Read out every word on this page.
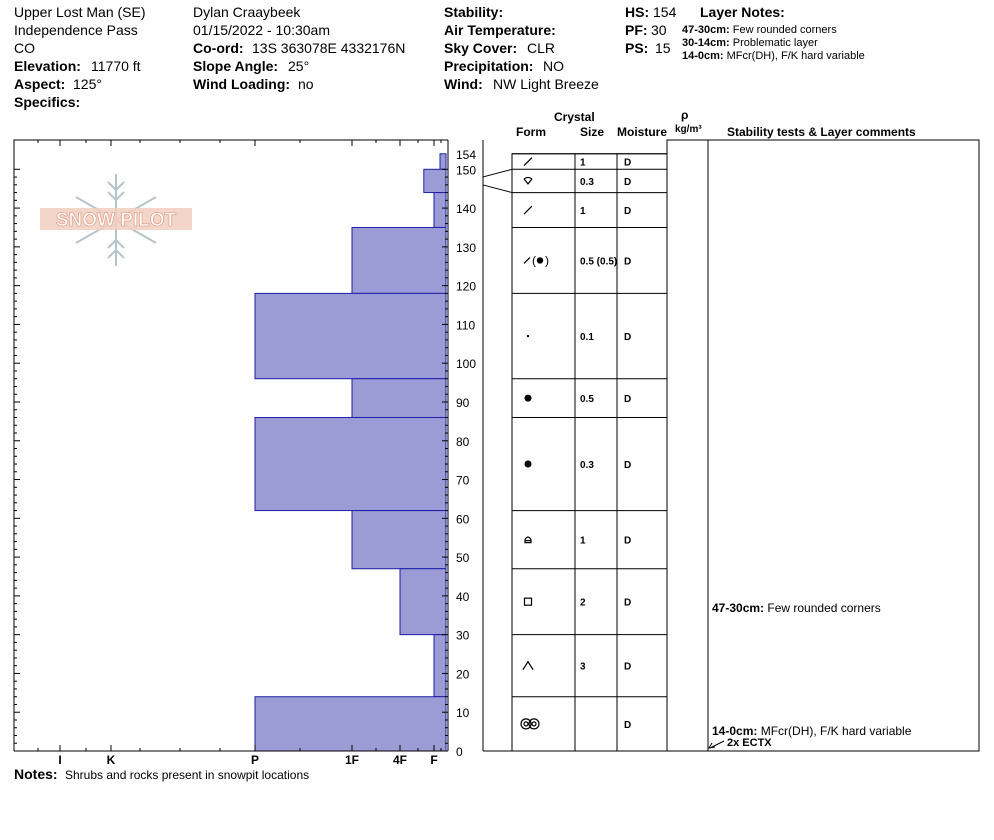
Upper Lost Man (SE)
Independence Pass
CO
Elevation: 11770 ft
Aspect: 125°
Specifics:
Dylan Craaybeek
01/15/2022 - 10:30am
Co-ord: 13S 363078E 4332176N
Slope Angle: 25°
Wind Loading: no
Stability:
Air Temperature:
Sky Cover: CLR
Precipitation: NO
Wind: NW Light Breeze
HS: 154
PF: 30
PS: 15
Layer Notes:
47-30cm: Few rounded corners
30-14cm: Problematic layer
14-0cm: MFcr(DH), F/K hard variable
Crystal
Form	Size Moisture
ρ
kg/m³ Stability tests & Layer comments
SNOW PILOT
I	K	P	1F	4F F
0
10
20
30
40
50
60
70
80
90
100
110
120
130
140
150
154
1	D
0.3	D
1	D
( )	0.5 (0.5) D
0.1	D
0.5	D
0.3	D
1	D
2	D
3	D
D
47-30cm: Few rounded corners
14-0cm: MFcr(DH), F/K hard variable
2x ECTX
Notes: Shrubs and rocks present in snowpit locations
